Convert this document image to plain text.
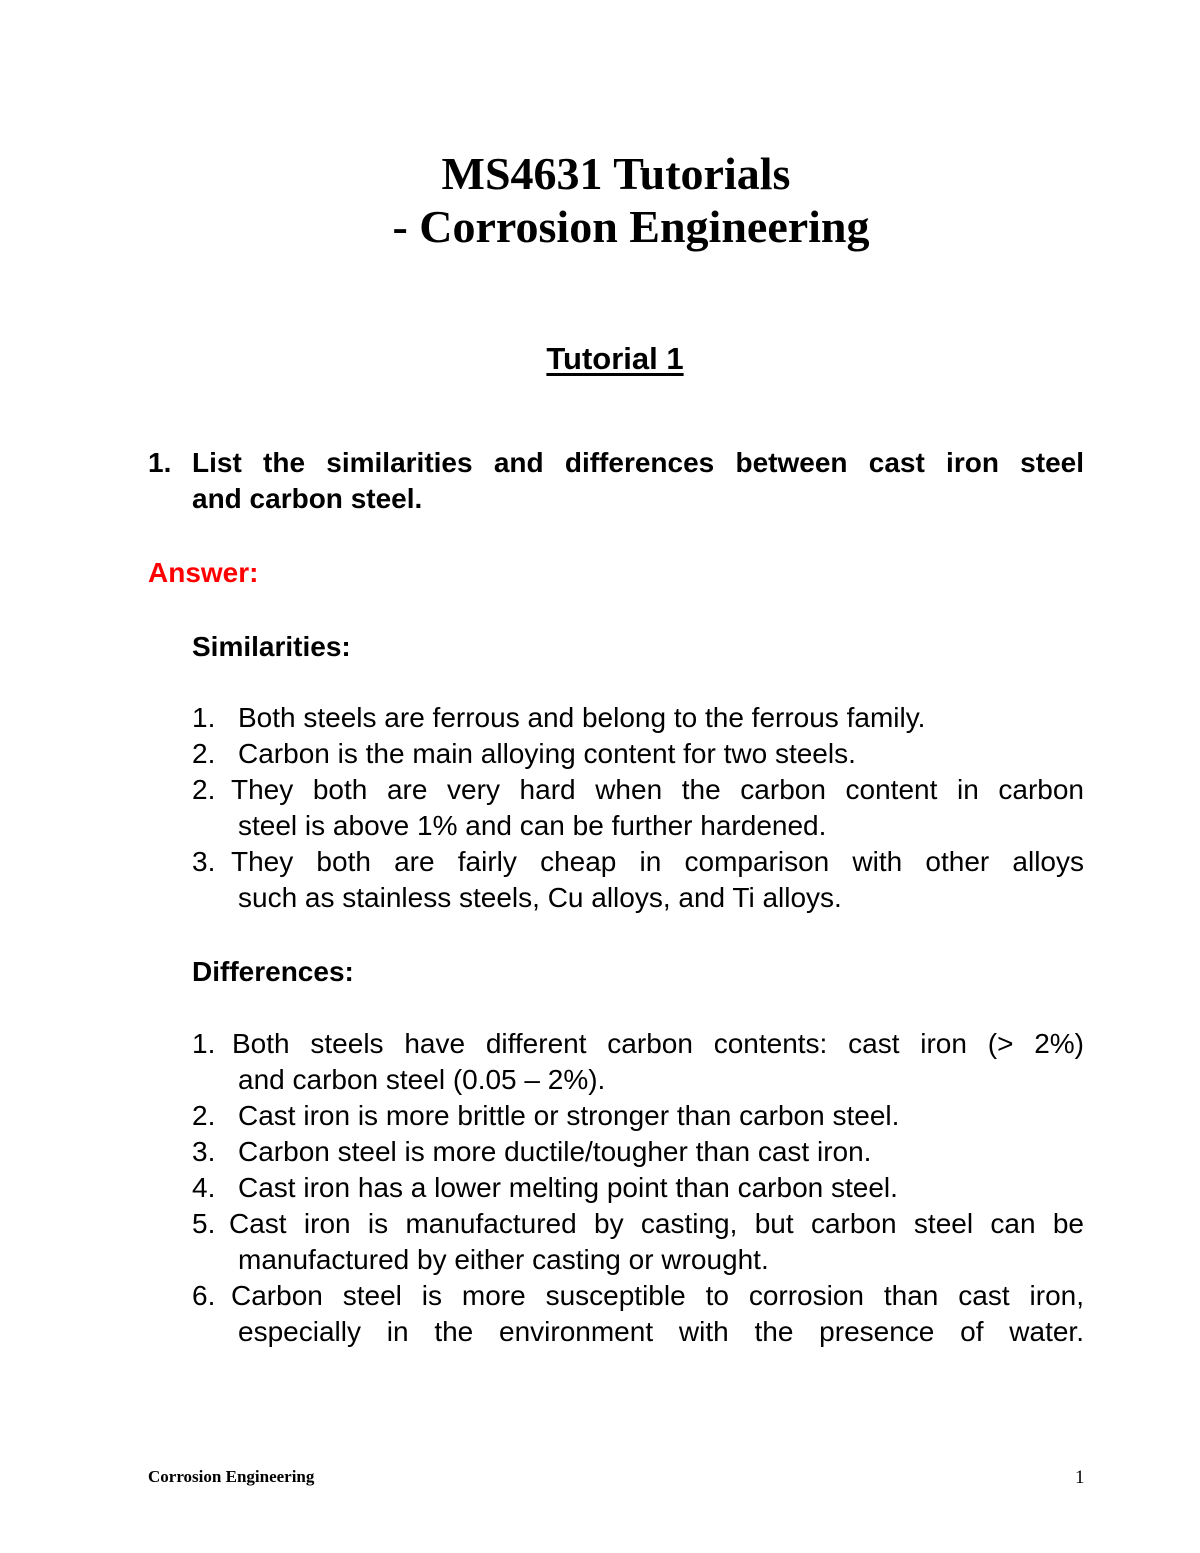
MS4631 Tutorials
- Corrosion Engineering
Tutorial 1
1. List the similarities and differences between cast iron steel
and carbon steel.
Answer:
Similarities:
1. Both steels are ferrous and belong to the ferrous family.
2. Carbon is the main alloying content for two steels.
2. They both are very hard when the carbon content in carbon
steel is above 1% and can be further hardened.
3. They both are fairly cheap in comparison with other alloys
such as stainless steels, Cu alloys, and Ti alloys.
Differences:
1. Both steels have different carbon contents: cast iron (> 2%)
and carbon steel (0.05 – 2%).
2. Cast iron is more brittle or stronger than carbon steel.
3. Carbon steel is more ductile/tougher than cast iron.
4. Cast iron has a lower melting point than carbon steel.
5. Cast iron is manufactured by casting, but carbon steel can be
manufactured by either casting or wrought.
6. Carbon steel is more susceptible to corrosion than cast iron,
especially in the environment with the presence of water.
Corrosion Engineering	1
